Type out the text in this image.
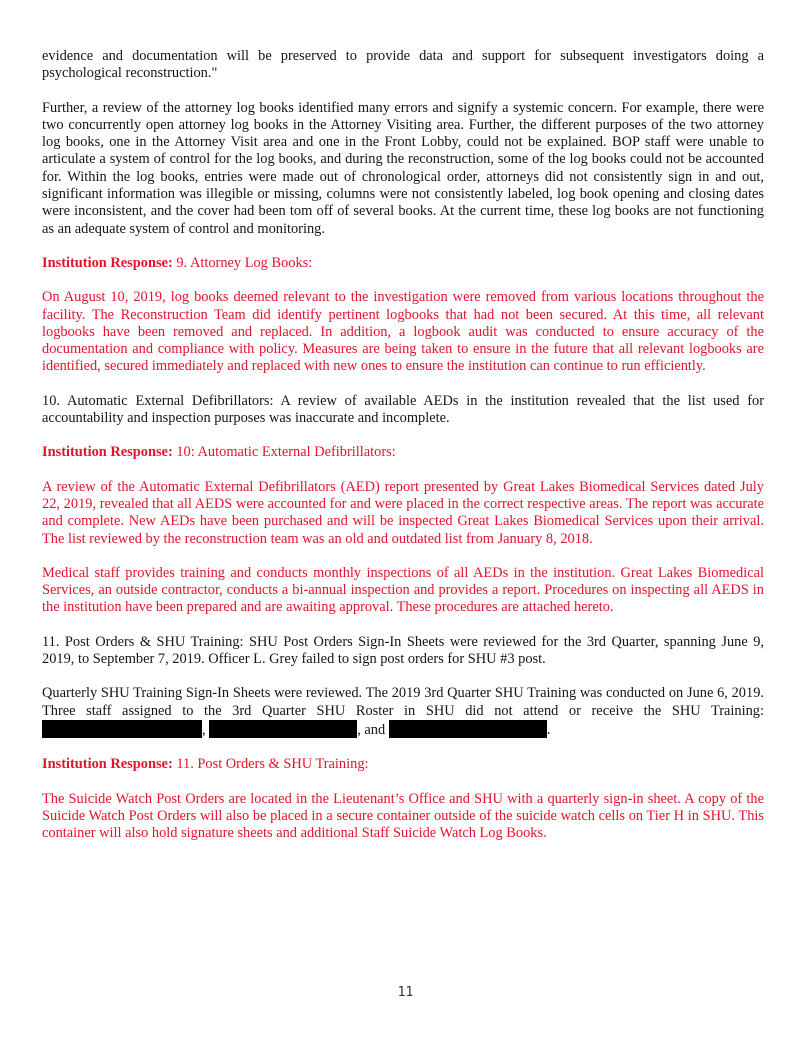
evidence and documentation will be preserved to provide data and support for subsequent investigators doing a psychological reconstruction."

Further, a review of the attorney log books identified many errors and signify a systemic concern. For example, there were two concurrently open attorney log books in the Attorney Visiting area. Further, the different purposes of the two attorney log books, one in the Attorney Visit area and one in the Front Lobby, could not be explained. BOP staff were unable to articulate a system of control for the log books, and during the reconstruction, some of the log books could not be accounted for. Within the log books, entries were made out of chronological order, attorneys did not consistently sign in and out, significant information was illegible or missing, columns were not consistently labeled, log book opening and closing dates were inconsistent, and the cover had been tom off of several books. At the current time, these log books are not functioning as an adequate system of control and monitoring.

Institution Response: 9. Attorney Log Books:

On August 10, 2019, log books deemed relevant to the investigation were removed from various locations throughout the facility. The Reconstruction Team did identify pertinent logbooks that had not been secured. At this time, all relevant logbooks have been removed and replaced. In addition, a logbook audit was conducted to ensure accuracy of the documentation and compliance with policy. Measures are being taken to ensure in the future that all relevant logbooks are identified, secured immediately and replaced with new ones to ensure the institution can continue to run efficiently.

10. Automatic External Defibrillators: A review of available AEDs in the institution revealed that the list used for accountability and inspection purposes was inaccurate and incomplete.

Institution Response: 10: Automatic External Defibrillators:

A review of the Automatic External Defibrillators (AED) report presented by Great Lakes Biomedical Services dated July 22, 2019, revealed that all AEDS were accounted for and were placed in the correct respective areas. The report was accurate and complete. New AEDs have been purchased and will be inspected Great Lakes Biomedical Services upon their arrival. The list reviewed by the reconstruction team was an old and outdated list from January 8, 2018.

Medical staff provides training and conducts monthly inspections of all AEDs in the institution. Great Lakes Biomedical Services, an outside contractor, conducts a bi-annual inspection and provides a report. Procedures on inspecting all AEDS in the institution have been prepared and are awaiting approval. These procedures are attached hereto.

11. Post Orders & SHU Training: SHU Post Orders Sign-In Sheets were reviewed for the 3rd Quarter, spanning June 9, 2019, to September 7, 2019. Officer L. Grey failed to sign post orders for SHU #3 post.

Quarterly SHU Training Sign-In Sheets were reviewed. The 2019 3rd Quarter SHU Training was conducted on June 6, 2019. Three staff assigned to the 3rd Quarter SHU Roster in SHU did not attend or receive the SHU Training: ,	, and	.

Institution Response: 11. Post Orders & SHU Training:

The Suicide Watch Post Orders are located in the Lieutenant’s Office and SHU with a quarterly sign-in sheet. A copy of the Suicide Watch Post Orders will also be placed in a secure container outside of the suicide watch cells on Tier H in SHU. This container will also hold signature sheets and additional Staff Suicide Watch Log Books.

11
